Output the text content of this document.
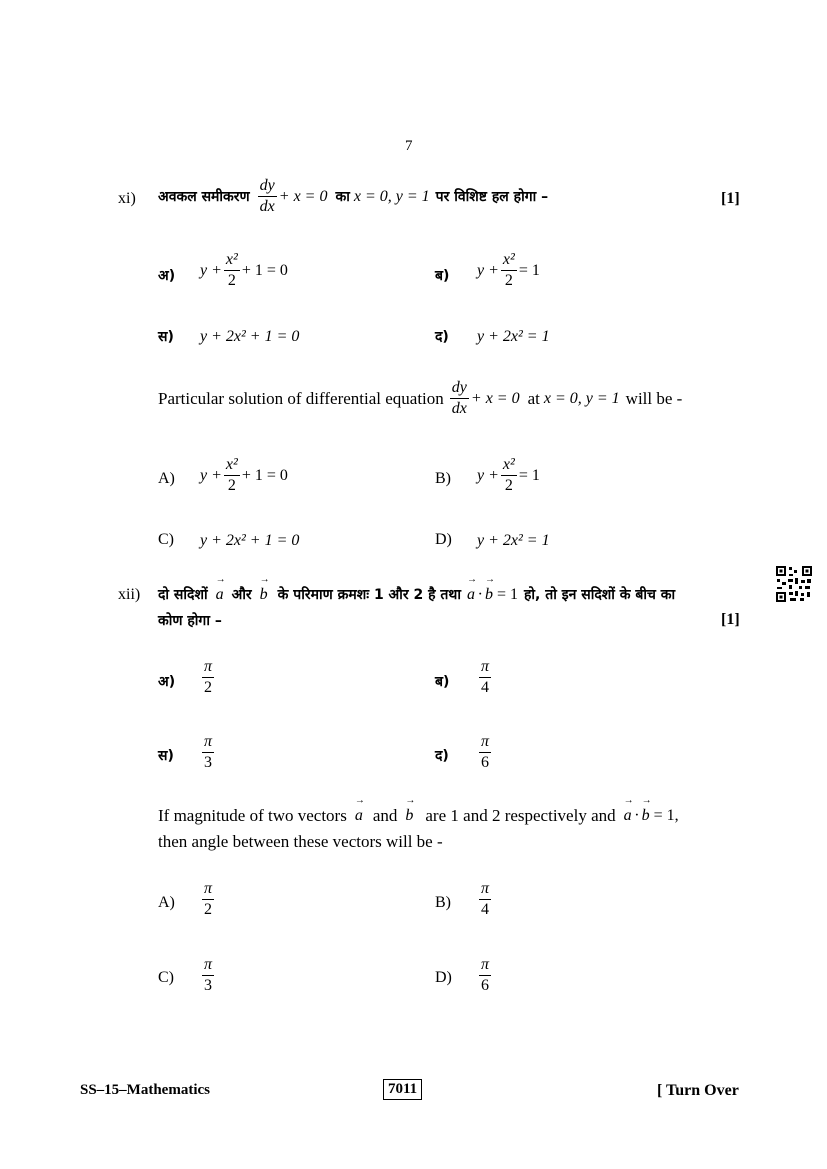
7
xi) अवकल समीकरण $\frac{dy}{dx} + x = 0$ का x = 0, y = 1 पर विशिष्ट हल होगा –	[1]
अ) $y + \frac{\text{x²}}{2} + 1 = 0$	ब) $y + \frac{\text{x²}}{2} = 1$
स) y + 2x² + 1 = 0	द) y + 2x² = 1
Particular solution of differential equation $\frac{dy}{dx} + x = 0$ at x = 0, y = 1 will be -
A) $y + \frac{\text{x²}}{2} + 1 = 0$	B) $y + \frac{\text{x²}}{2} = 1$
C) y + 2x² + 1 = 0	D) y + 2x² = 1
xii) दो सदिशों → a और → b के परिमाण क्रमशः 1 और 2 है तथा → a · → b = 1 हो, तो इन सदिशों के बीच का
कोण होगा –	[1]
अ) $\frac{\pi}{2}$	ब) $\frac{\pi}{4}$
स) $\frac{\pi}{3}$	द) $\frac{\pi}{6}$
If magnitude of two vectors → a and → b are 1 and 2 respectively and → a · → b = 1,
then angle between these vectors will be -
$A) \frac{\pi}{2}$	$B) \frac{\pi}{4}$
$C) \frac{\pi}{3}$	$D) \frac{\pi}{6}$
SS–15–Mathematics	7011	[ Turn Over
